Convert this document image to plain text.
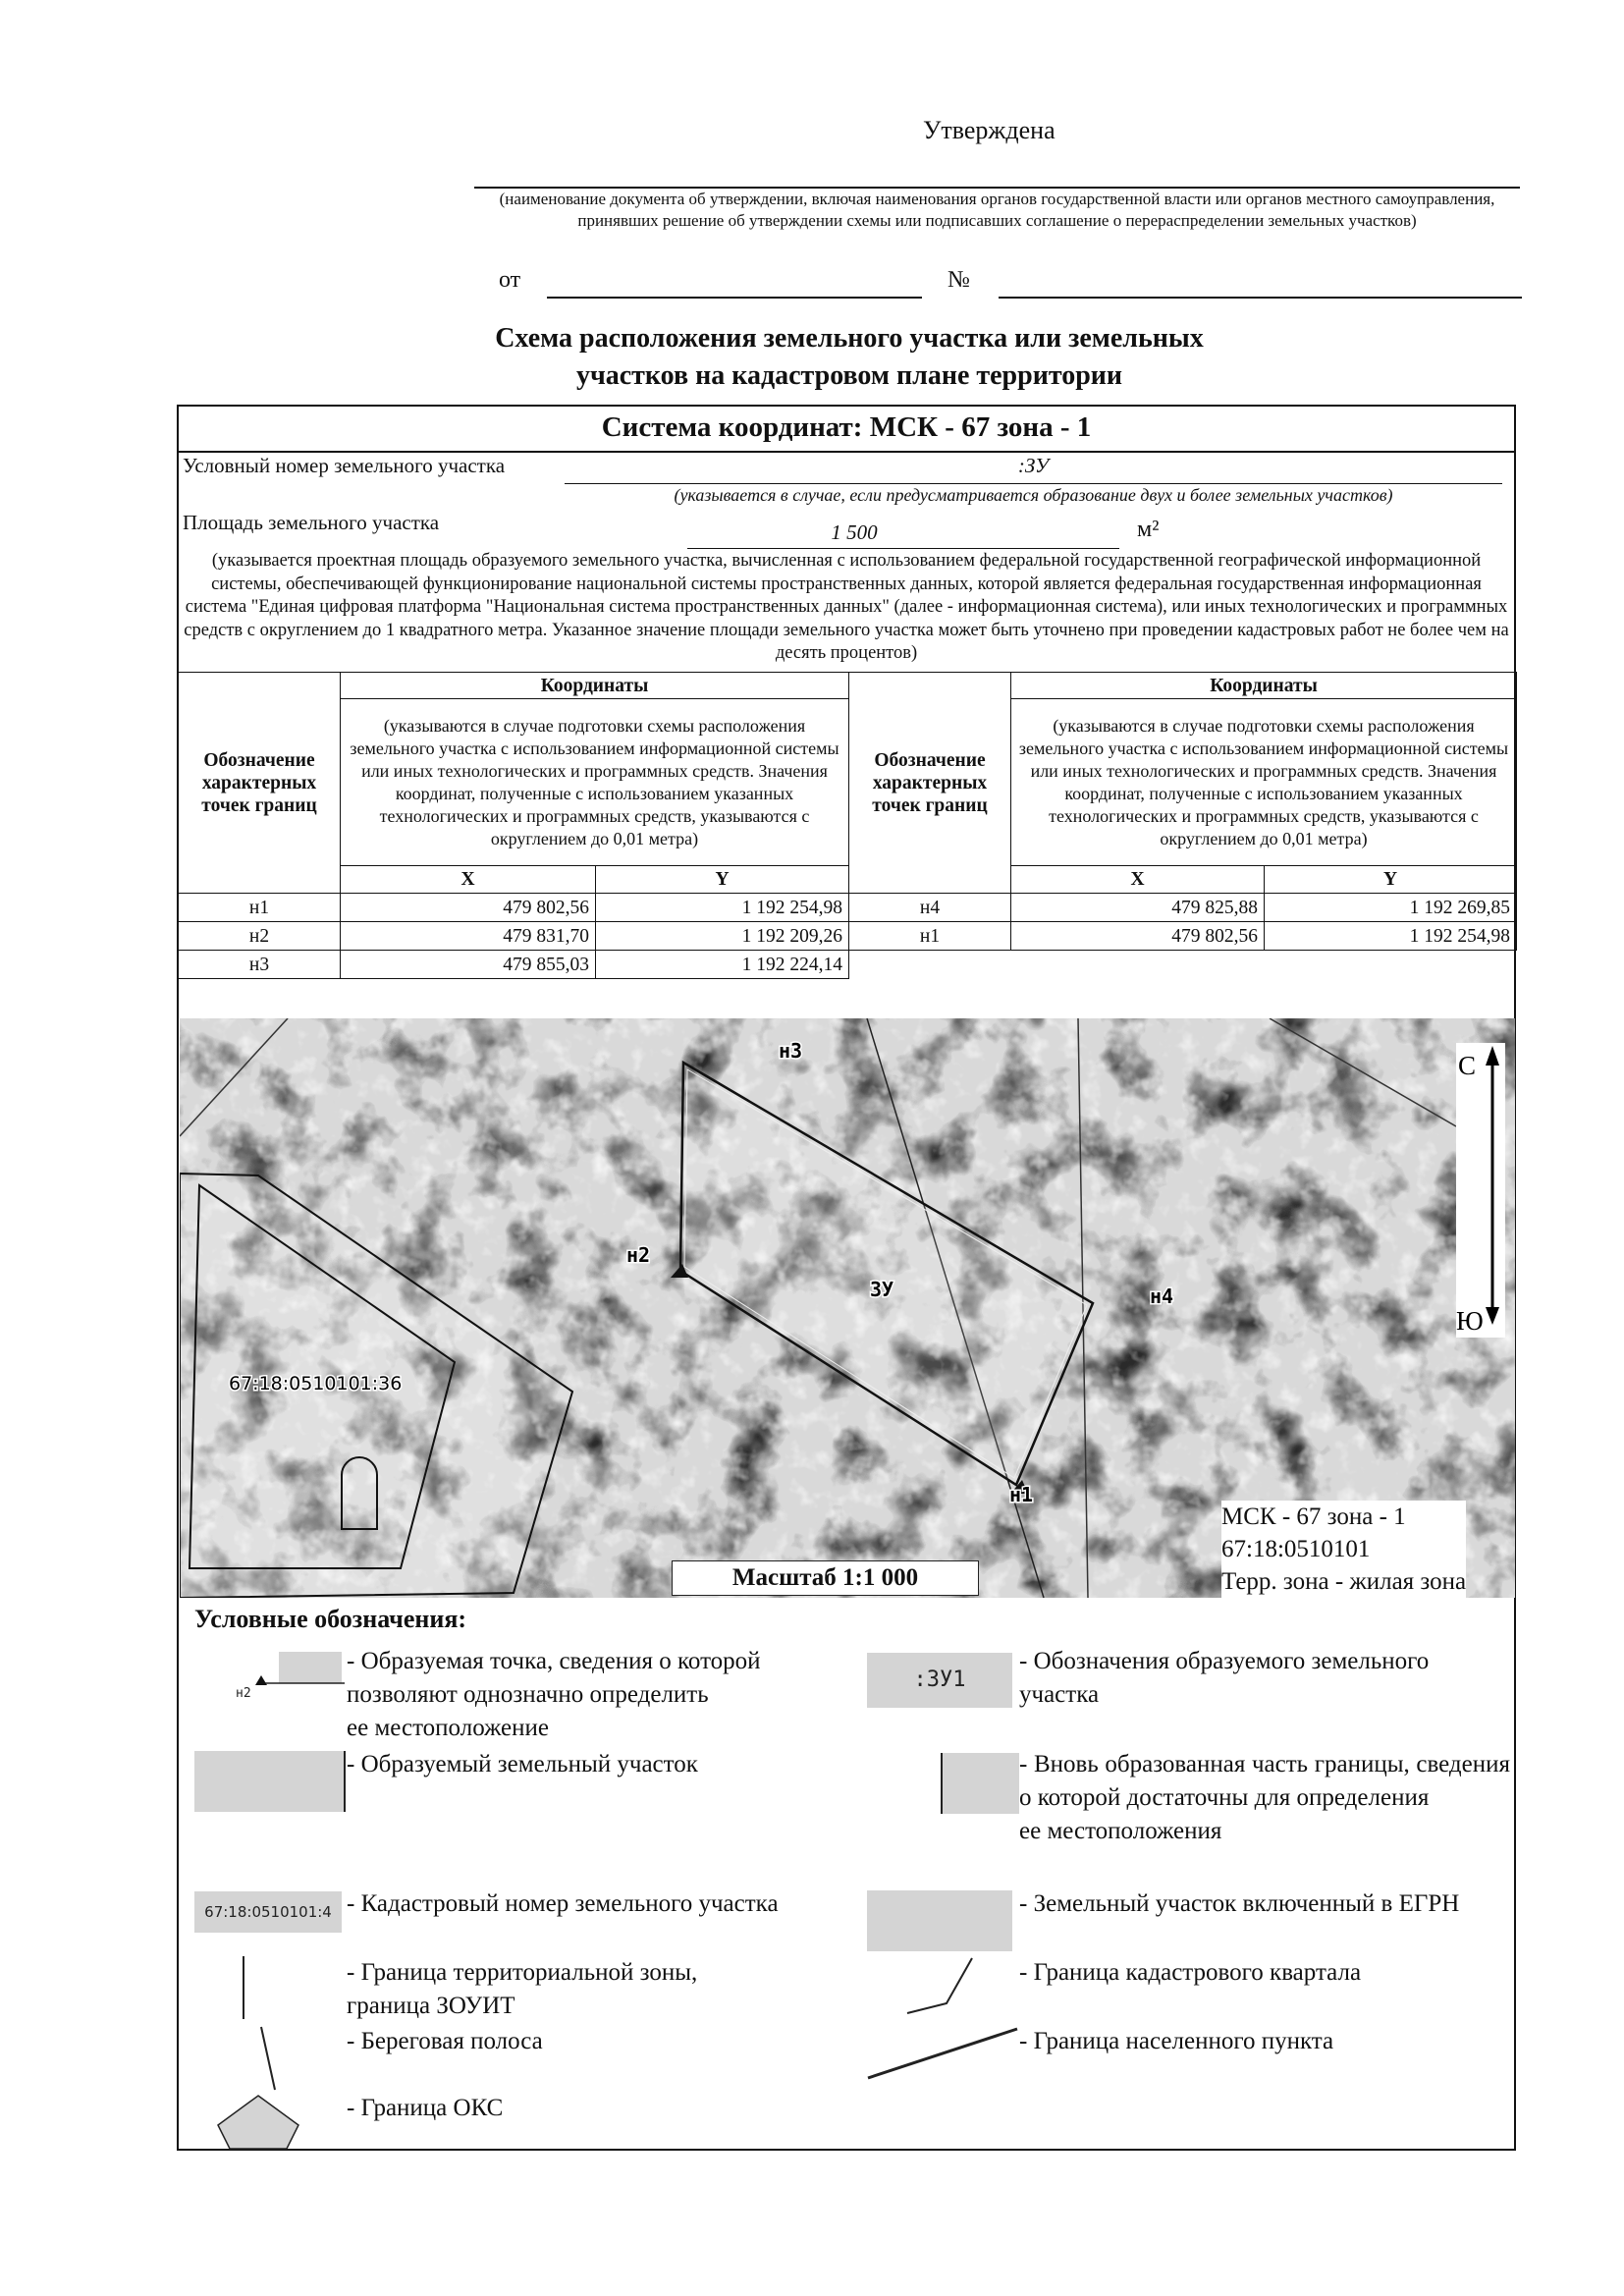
Утверждена
(наименование документа об утверждении, включая наименования органов государственной власти или органов местного самоуправления, принявших решение об утверждении схемы или подписавших соглашение о перераспределении земельных участков)
от	№
Схема расположения земельного участка или земельных
участков на кадастровом плане территории
Система координат: МСК - 67 зона - 1
Условный номер земельного участка	:ЗУ
(указывается в случае, если предусматривается образование двух и более земельных участков)
Площадь земельного участка	1 500	м²
(указывается проектная площадь образуемого земельного участка, вычисленная с использованием федеральной государственной географической информационной системы, обеспечивающей функционирование национальной системы пространственных данных, которой является федеральная государственная информационная система "Единая цифровая платформа "Национальная система пространственных данных" (далее - информационная система), или иных технологических и программных средств с округлением до 1 квадратного метра. Указанное значение площади земельного участка может быть уточнено при проведении кадастровых работ не более чем на десять процентов)
Обозначение характерных точек границ	Координаты	
	(указываются в случае подготовки схемы расположения земельного участка с использованием информационной системы или иных технологических и программных средств. Значения координат, полученные с использованием указанных технологических и программных средств, указываются с округлением до 0,01 метра)	
	X	Y
н1	479 802,56	1 192 254,98
н2	479 831,70	1 192 209,26
н3	479 855,03	1 192 224,14
Обозначение характерных точек границ	Координаты	
	(указываются в случае подготовки схемы расположения земельного участка с использованием информационной системы или иных технологических и программных средств. Значения координат, полученные с использованием указанных технологических и программных средств, указываются с округлением до 0,01 метра)	
	X	Y
н4	479 825,88	1 192 269,85
н1	479 802,56	1 192 254,98
н3
н2
н4
н1
ЗУ
67:18:0510101:36
С
Ю
МСК - 67 зона - 1
67:18:0510101
Терр. зона - жилая зона
Масштаб 1:1 000
Условные обозначения:
н2
- Образуемая точка, сведения о которой
позволяют однозначно определить
ее местоположение
:ЗУ1
- Обозначения образуемого земельного
участка
- Образуемый земельный участок	- Вновь образованная часть границы, сведения о которой достаточны для определения
ее местоположения
67:18:0510101:4 - Кадастровый номер земельного участка	- Земельный участок включенный в ЕГРН
- Граница территориальной зоны,
граница ЗОУИТ
- Граница кадастрового квартала
- Береговая полоса	- Граница населенного пункта
- Граница ОКС
